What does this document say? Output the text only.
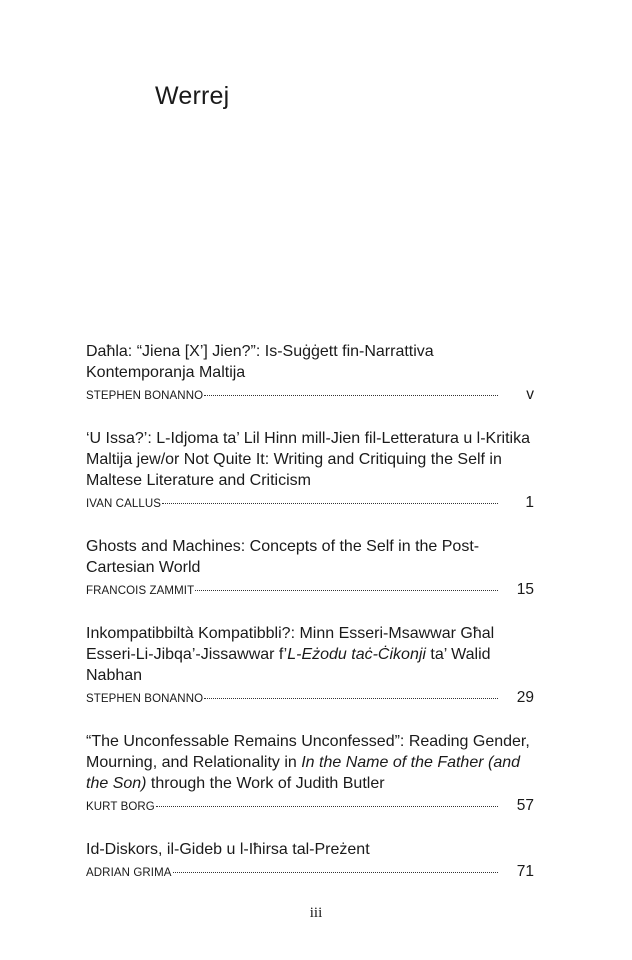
Werrej

Daħla: “Jiena [X’] Jien?”: Is-Suġġett fin-Narrattiva Kontemporanja Maltija

STEPHEN BONANNO	v

‘U Issa?’: L-Idjoma ta’ Lil Hinn mill-Jien fil-Letteratura u l-Kritika Maltija jew/or Not Quite It: Writing and Critiquing the Self in Maltese Literature and Criticism

IVAN CALLUS	1

Ghosts and Machines: Concepts of the Self in the Post-Cartesian World

FRANCOIS ZAMMIT	15

Inkompatibbiltà Kompatibbli?: Minn Esseri-Msawwar Għal Esseri-Li-Jibqa’-Jissawwar f’L-Eżodu taċ-Ċikonji ta’ Walid Nabhan

STEPHEN BONANNO	29

“The Unconfessable Remains Unconfessed”: Reading Gender, Mourning, and Relationality in In the Name of the Father (and the Son) through the Work of Judith Butler

KURT BORG	57

Id-Diskors, il-Gideb u l-Iħirsa tal-Preżent

ADRIAN GRIMA	71
iii
